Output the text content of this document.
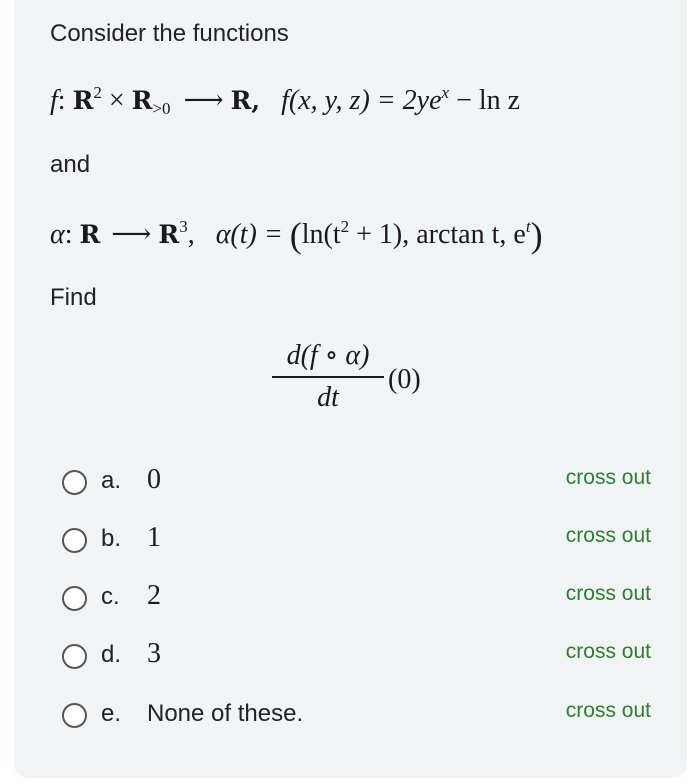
Consider the functions
f: $R^2 \times R_{>0}$ ⟶ R, f(x, y, $z) = 2ye^x - \ln z$
and
α: R ⟶ $R^3$, $\alpha(t) = (\ln(t^2 + 1)$, arctan t, $e^t$)
Find
d(f ∘ α)
dt
(0)
a. 0	cross out
b. 1	cross out
c. 2	cross out
d. 3	cross out
e. None of these.	cross out
